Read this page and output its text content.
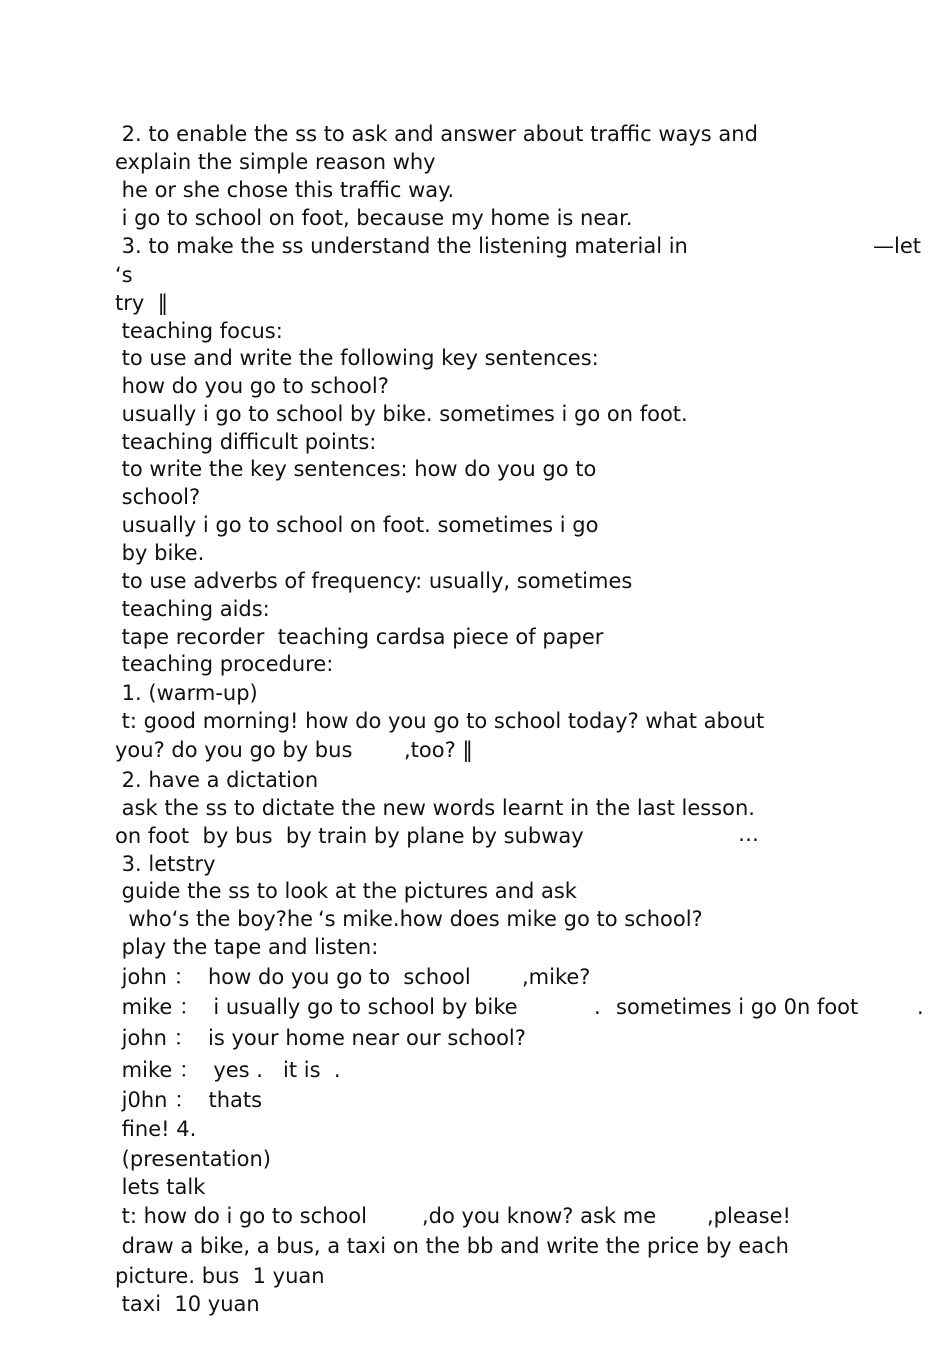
2. to enable the ss to ask and answer about traffic ways and
explain the simple reason why
he or she chose this traffic way.
i go to school on foot, because my home is near.
3. to make the ss understand the listening material in	—let
‘s
try  ‖
teaching focus:
to use and write the following key sentences:
how do you go to school?
usually i go to school by bike. sometimes i go on foot.
teaching difficult points:
to write the key sentences: how do you go to
school?
usually i go to school on foot. sometimes i go
by bike.
to use adverbs of frequency: usually, sometimes
teaching aids:
tape recorder  teaching cardsa piece of paper
teaching procedure:
1. (warm-up)
t: good morning! how do you go to school today? what about
you? do you go by bus ,too? ‖
2. have a dictation
ask the ss to dictate the new words learnt in the last lesson.
on foot  by bus  by train by plane by subway	…
3. letstry
guide the ss to look at the pictures and ask
who‘s the boy?he ‘s mike.how does mike go to school?
play the tape and listen:
john ：  how do you go to  school ,mike?
mike ：  i usually go to school by bike	. sometimes i go 0n foot	.
john ：  is your home near our school?
mike ：  yes .   it is  .
j0hn ：  thats
fine! 4.
(presentation)
lets talk
t: how do i go to school	,do you know? ask me ,please!
draw a bike, a bus, a taxi on the bb and write the price by each
picture. bus  1 yuan
taxi  10 yuan
